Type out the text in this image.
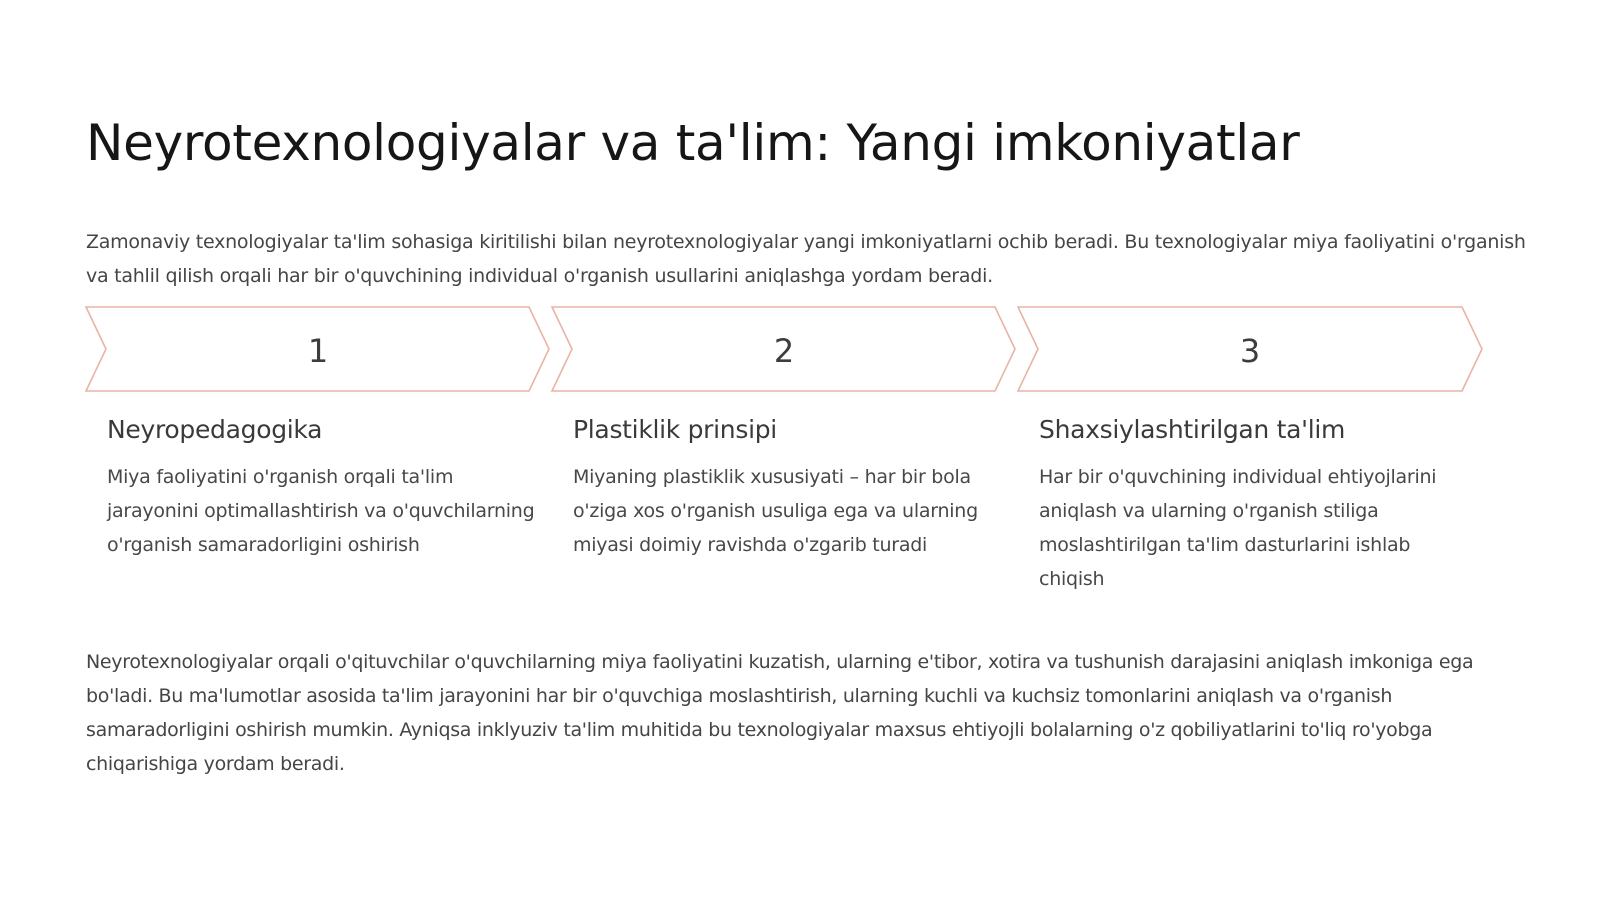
Neyrotexnologiyalar va ta'lim: Yangi imkoniyatlar

Zamonaviy texnologiyalar ta'lim sohasiga kiritilishi bilan neyrotexnologiyalar yangi imkoniyatlarni ochib beradi. Bu texnologiyalar miya faoliyatini o'rganish va tahlil qilish orqali har bir o'quvchining individual o'rganish usullarini aniqlashga yordam beradi.

1	2	3
Neyropedagogika

Miya faoliyatini o'rganish orqali ta'lim jarayonini optimallashtirish va o'quvchilarning o'rganish samaradorligini oshirish

Plastiklik prinsipi

Miyaning plastiklik xususiyati – har bir bola o'ziga xos o'rganish usuliga ega va ularning miyasi doimiy ravishda o'zgarib turadi

Shaxsiylashtirilgan ta'lim

Har bir o'quvchining individual ehtiyojlarini aniqlash va ularning o'rganish stiliga moslashtirilgan ta'lim dasturlarini ishlab chiqish

Neyrotexnologiyalar orqali o'qituvchilar o'quvchilarning miya faoliyatini kuzatish, ularning e'tibor, xotira va tushunish darajasini aniqlash imkoniga ega bo'ladi. Bu ma'lumotlar asosida ta'lim jarayonini har bir o'quvchiga moslashtirish, ularning kuchli va kuchsiz tomonlarini aniqlash va o'rganish samaradorligini oshirish mumkin. Ayniqsa inklyuziv ta'lim muhitida bu texnologiyalar maxsus ehtiyojli bolalarning o'z qobiliyatlarini to'liq ro'yobga chiqarishiga yordam beradi.
